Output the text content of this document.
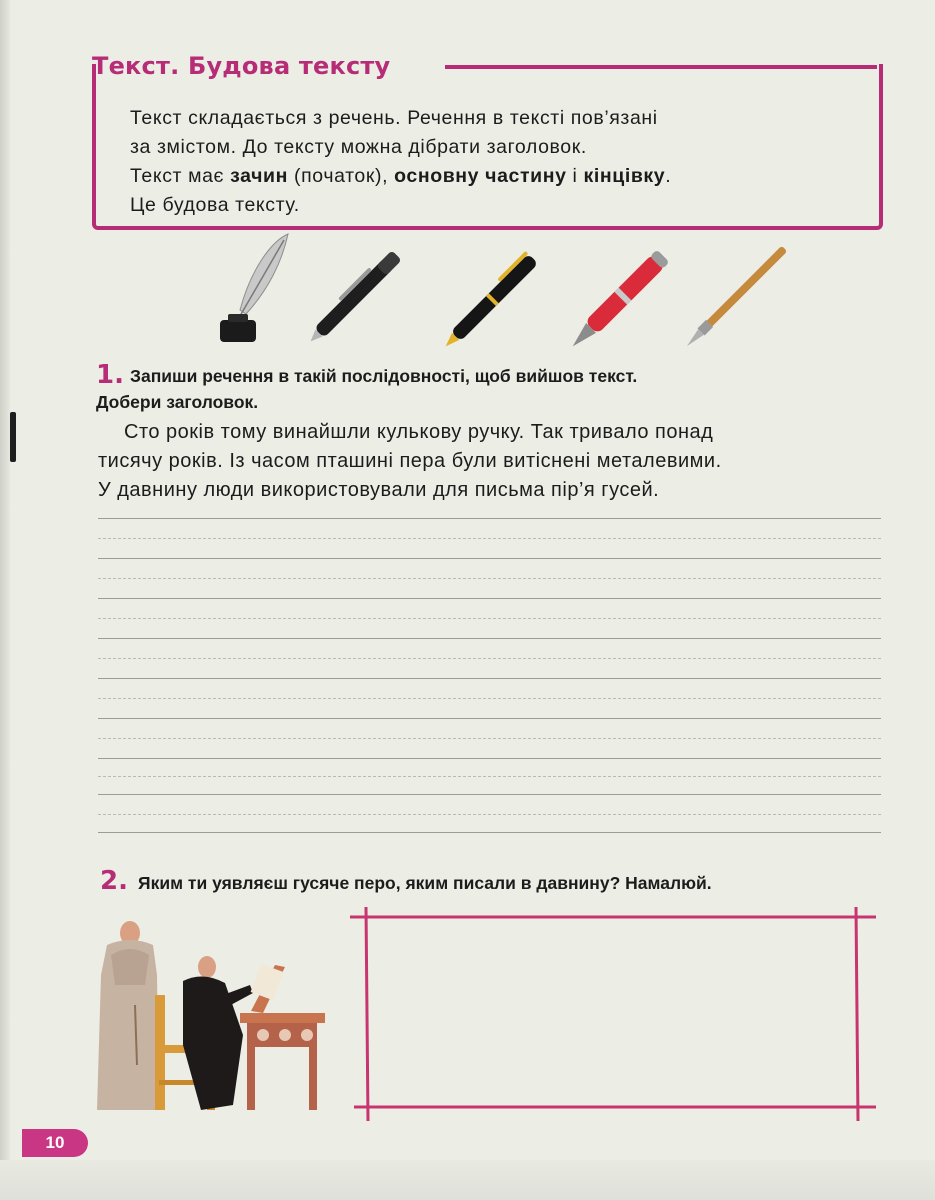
Текст. Будова тексту
Текст складається з речень. Речення в тексті пов’язані
за змістом. До тексту можна дібрати заголовок.
Текст має зачин (початок), основну частину і кінцівку.
Це будова тексту.
1. Запиши речення в такій послідовності, щоб вийшов текст.
Добери заголовок.
Сто років тому винайшли кулькову ручку. Так тривало понад
тисячу років. Із часом пташині пера були витіснені металевими.
У давнину люди використовували для письма пір’я гусей.
2. Яким ти уявляєш гусяче перо, яким писали в давнину? Намалюй.
10
